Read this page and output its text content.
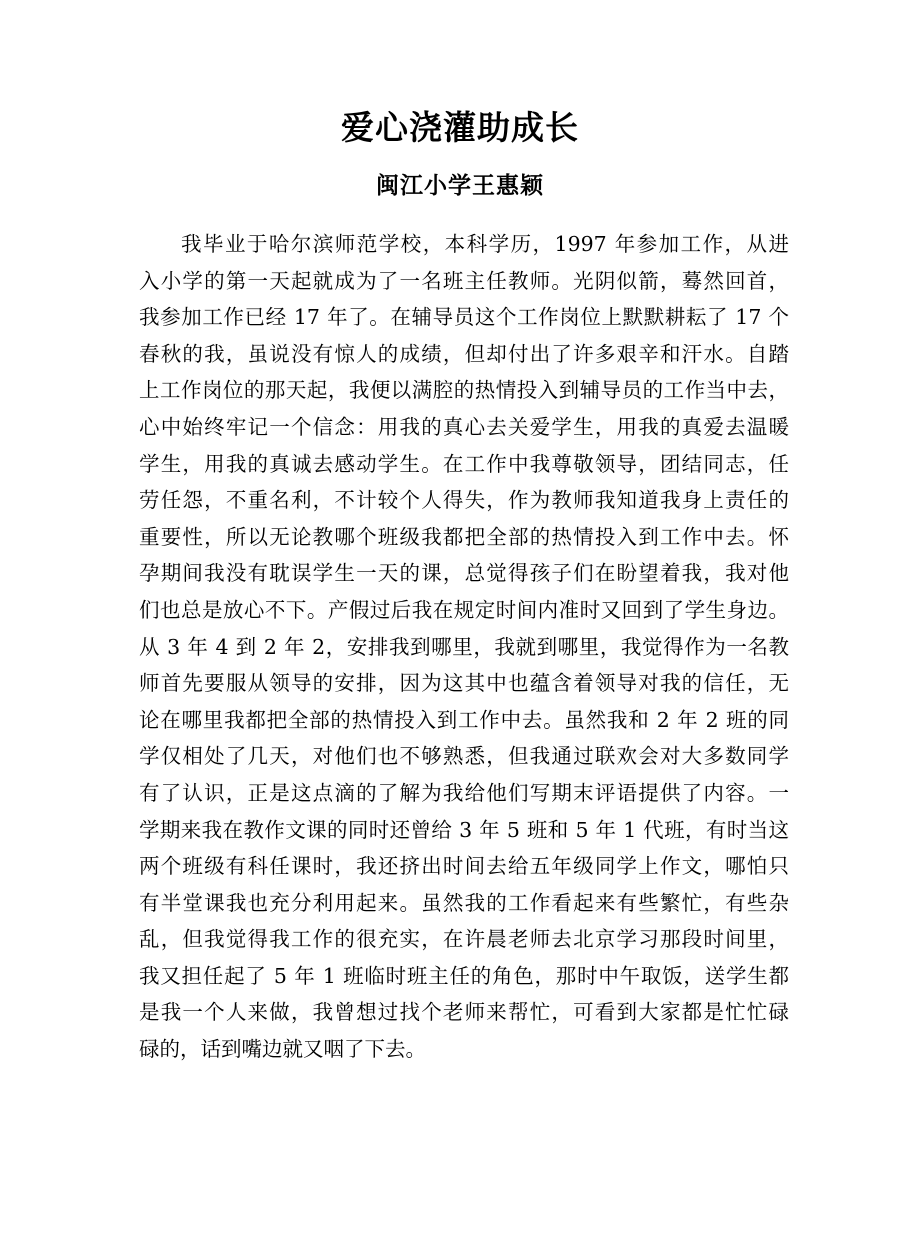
爱心浇灌助成长
闽江小学王惠颖
我毕业于哈尔滨师范学校，本科学历，1997 年参加工作，从进
入小学的第一天起就成为了一名班主任教师。光阴似箭，蓦然回首，
我参加工作已经 17 年了。在辅导员这个工作岗位上默默耕耘了 17 个
春秋的我，虽说没有惊人的成绩，但却付出了许多艰辛和汗水。自踏
上工作岗位的那天起，我便以满腔的热情投入到辅导员的工作当中去，
心中始终牢记一个信念：用我的真心去关爱学生，用我的真爱去温暖
学生，用我的真诚去感动学生。在工作中我尊敬领导，团结同志，任
劳任怨，不重名利，不计较个人得失，作为教师我知道我身上责任的
重要性，所以无论教哪个班级我都把全部的热情投入到工作中去。怀
孕期间我没有耽误学生一天的课，总觉得孩子们在盼望着我，我对他
们也总是放心不下。产假过后我在规定时间内准时又回到了学生身边。
从 3 年 4 到 2 年 2，安排我到哪里，我就到哪里，我觉得作为一名教
师首先要服从领导的安排，因为这其中也蕴含着领导对我的信任，无
论在哪里我都把全部的热情投入到工作中去。虽然我和 2 年 2 班的同
学仅相处了几天，对他们也不够熟悉，但我通过联欢会对大多数同学
有了认识，正是这点滴的了解为我给他们写期末评语提供了内容。一
学期来我在教作文课的同时还曾给 3 年 5 班和 5 年 1 代班，有时当这
两个班级有科任课时，我还挤出时间去给五年级同学上作文，哪怕只
有半堂课我也充分利用起来。虽然我的工作看起来有些繁忙，有些杂
乱，但我觉得我工作的很充实，在许晨老师去北京学习那段时间里，
我又担任起了 5 年 1 班临时班主任的角色，那时中午取饭，送学生都
是我一个人来做，我曾想过找个老师来帮忙，可看到大家都是忙忙碌
碌的，话到嘴边就又咽了下去。
